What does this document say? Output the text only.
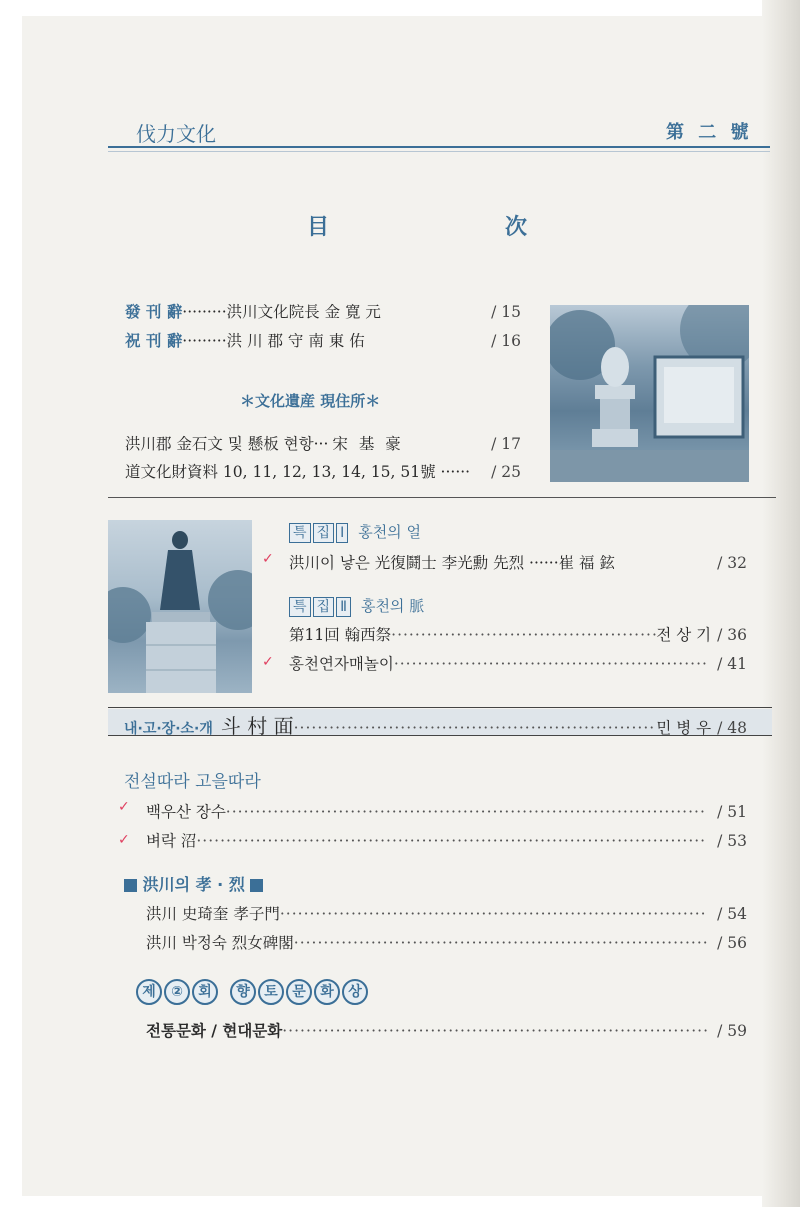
伐力文化	第 二 號
目	次
發 刊 辭 ········· 洪川文化院長 金 寛 元	/ 15
祝 刊 辭 ········· 洪 川 郡 守 南 東 佑	/ 16
＊文化遺産 現住所＊
洪川郡 金石文 및 懸板 현항··· 宋 基 豪	/ 17
道文化財資料 10, 11, 12, 13, 14, 15, 51號 ······ / 25
특 집 Ⅰ 홍천의 얼
✓ 洪川이 낳은 光復鬪士 李光勳 先烈 ······ 崔 福 鉉	/ 32
특 집 Ⅱ 홍천의 脈
第11回 翰西祭 ·····	전 상 기 / 36
✓ 홍천연자매놀이 ·····	/ 41
내·고·장·소·개 斗 村 面 ·····	민 병 우 / 48
전설따라 고을따라
✓ 백우산 장수 ·····	/ 51
✓ 벼락 沼 ·····	/ 53
洪川의 孝 · 烈
洪川 史琦奎 孝子門 ·····	/ 54
洪川 박정숙 烈女碑閣 ·····	/ 56
제 ② 회 향 토 문 화 상
전통문화 / 현대문화 ·····	/ 59
